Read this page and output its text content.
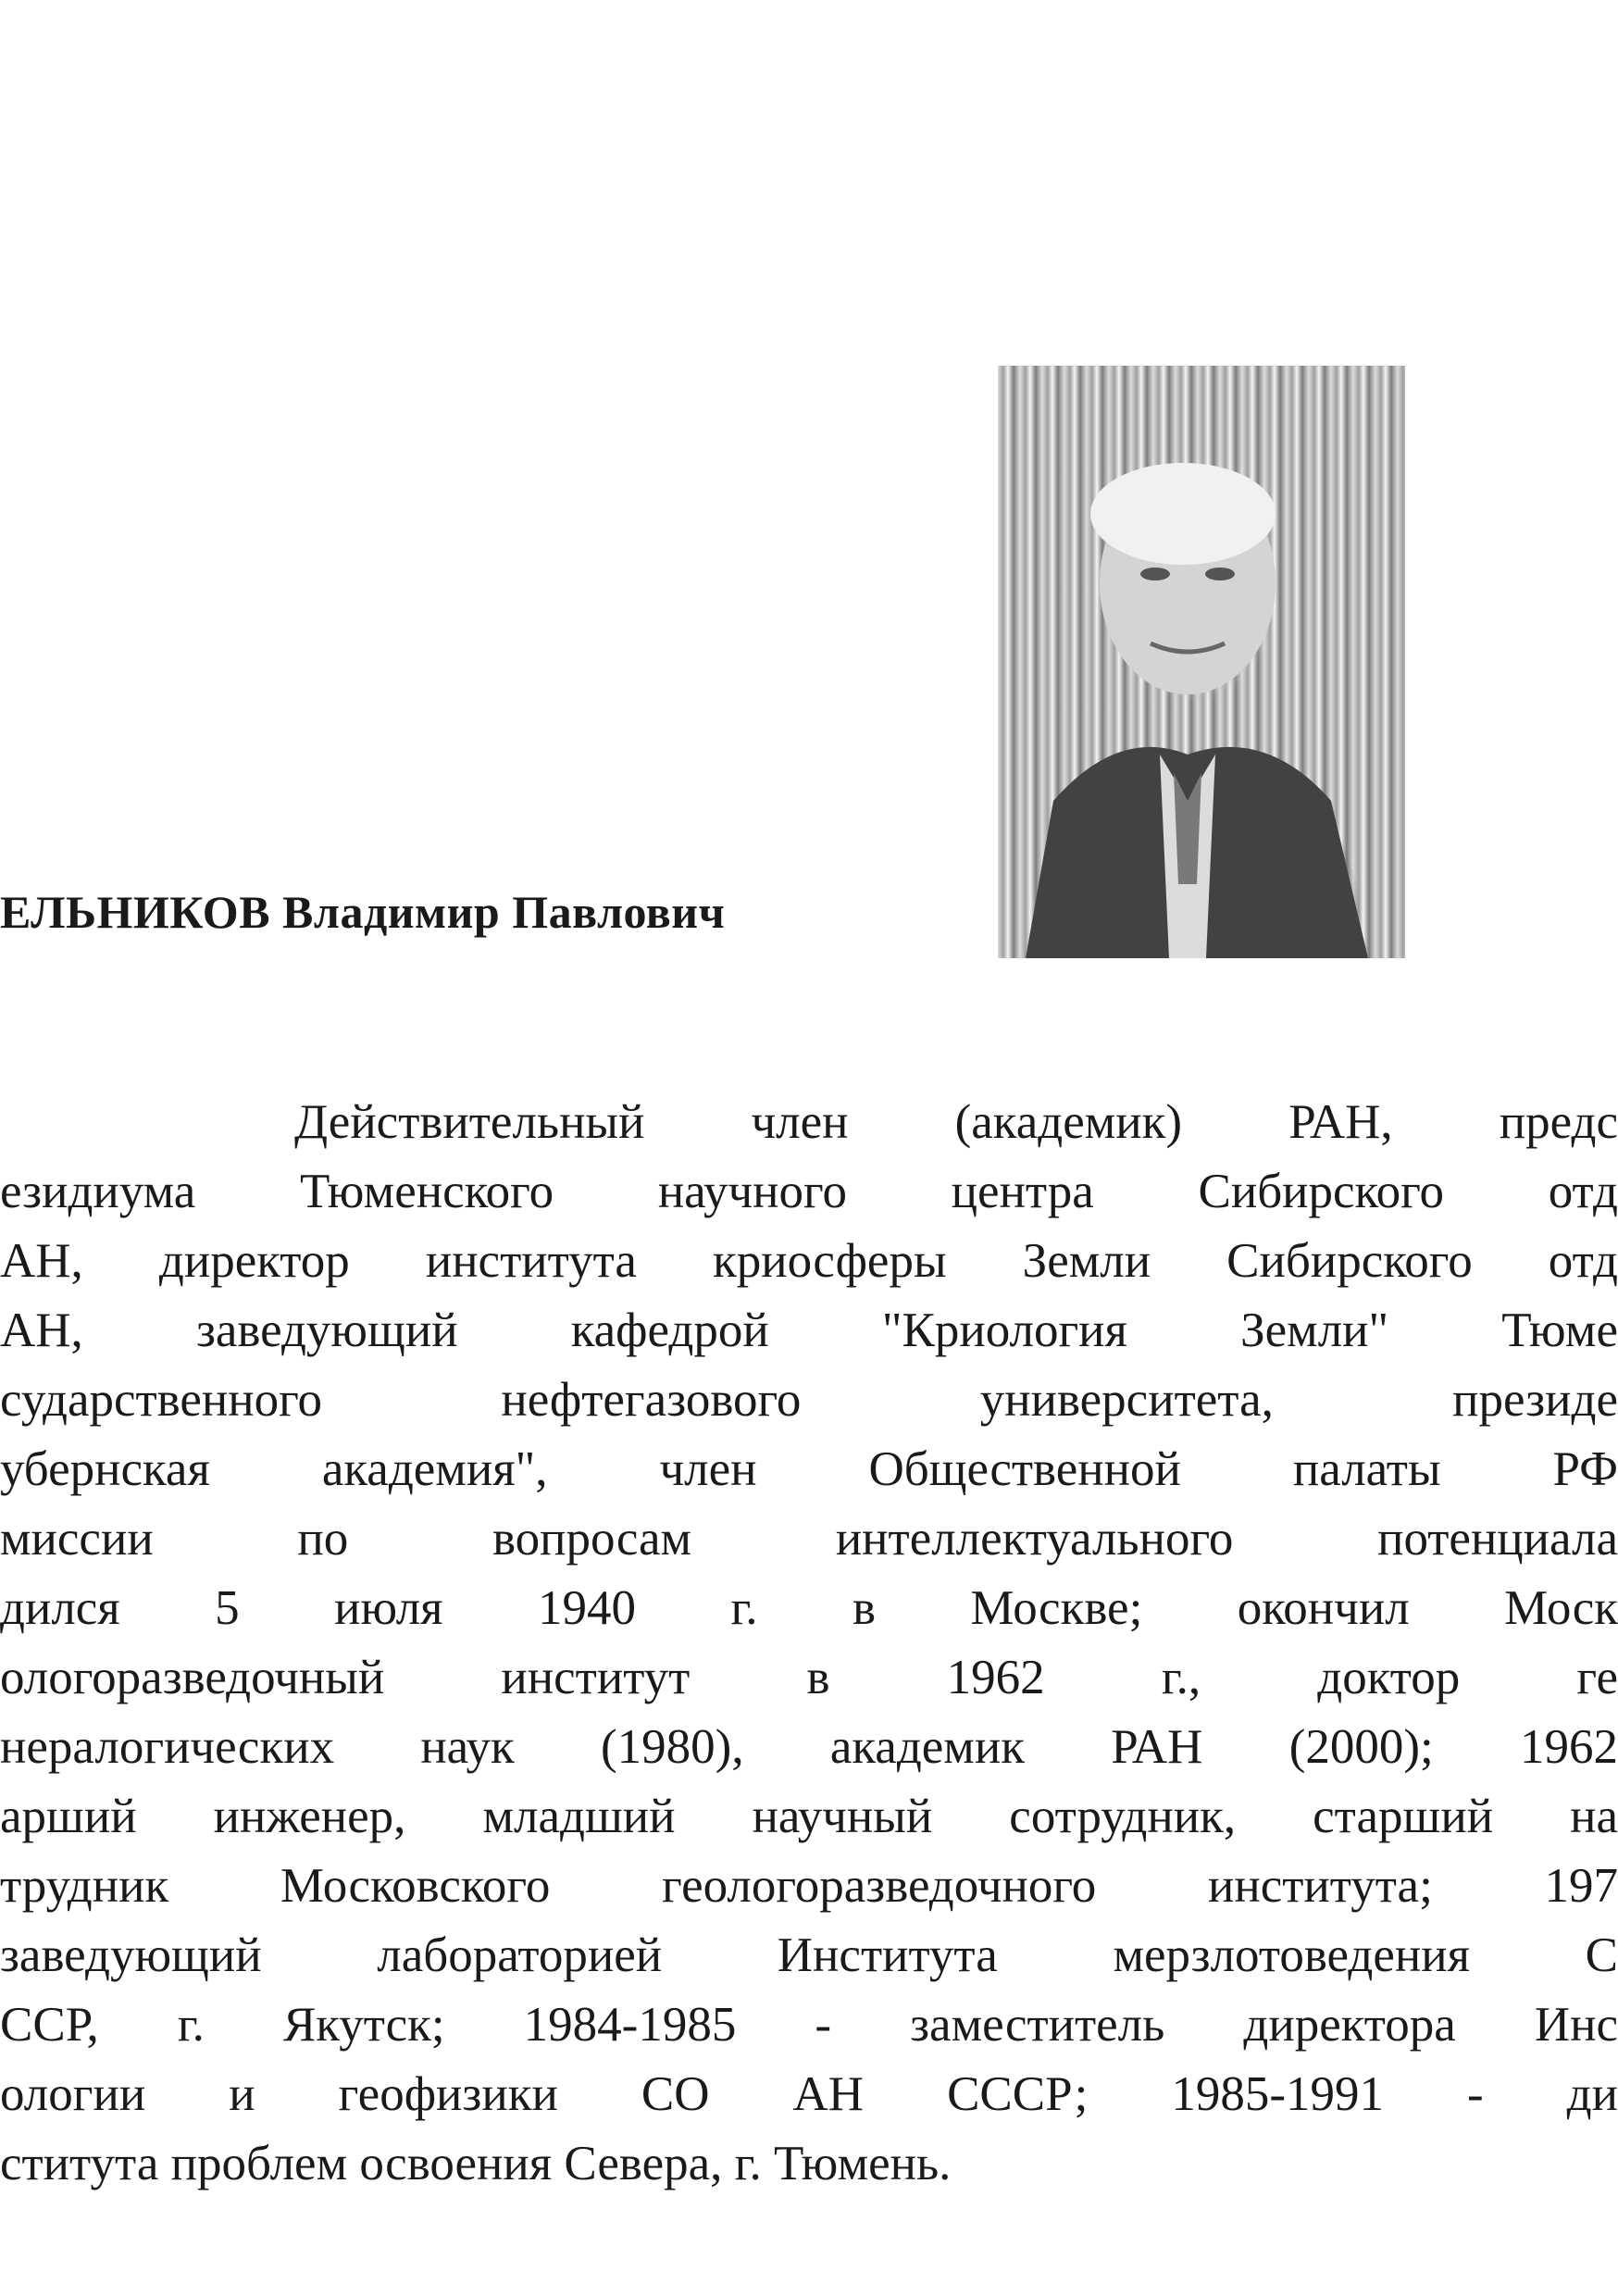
ЕЛЬНИКОВ Владимир Павлович
Действительный член (академик) РАН, предс
езидиума Тюменского научного центра Сибирского отд
АН, директор института криосферы Земли Сибирского отд
АН, заведующий кафедрой "Криология Земли" Тюме
сударственного нефтегазового университета, президе
убернская академия", член Общественной палаты РФ
миссии по вопросам интеллектуального потенциала
дился 5 июля 1940 г. в Москве; окончил Моск
ологоразведочный институт в 1962 г., доктор ге
нералогических наук (1980), академик РАН (2000); 1962
арший инженер, младший научный сотрудник, старший на
трудник Московского геологоразведочного института; 197
заведующий лабораторией Института мерзлотоведения С
ССР, г. Якутск; 1984-1985 - заместитель директора Инс
ологии и геофизики СО АН СССР; 1985-1991 - ди
ститута проблем освоения Севера, г. Тюмень.
